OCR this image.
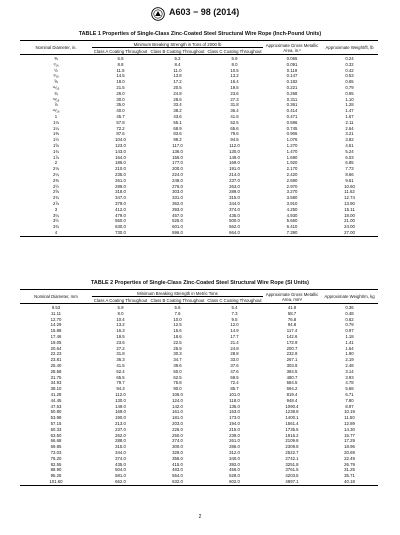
A603 − 98 (2014)
TABLE 1 Properties of Single-Class Zinc-Coated Steel Structural Wire Rope (Inch-Pound Units)
Nominal Diameter, in.	Minimum Breaking Strength in Tons of 2000 lb			Approximate Gross Metallic Area, in.²	Approximate Weight/ft, lb
	Class A Coating Throughout	Class B Coating Throughout	Class C Coating Throughout		
⅜	6.5	6.2	5.9	0.065	0.24
⁷⁄₁₆	8.8	8.4	8.0	0.091	0.32
½	11.5	11.0	10.5	0.119	0.42
⁹⁄₁₆	14.5	13.8	13.2	0.147	0.53
⅝	18.0	17.2	16.4	0.182	0.65
¹¹⁄₁₆	21.5	20.5	19.5	0.221	0.79
¾	26.0	24.8	23.6	0.268	0.95
¹³⁄₁₆	30.0	28.6	27.3	0.311	1.10
⅞	35.0	33.4	31.8	0.361	1.28
¹⁵⁄₁₆	40.0	38.2	36.4	0.414	1.47
1	45.7	43.6	41.5	0.471	1.67
1⅛	57.8	55.1	52.5	0.596	2.11
1¼	72.2	68.9	65.6	0.745	2.64
1⅜	87.6	83.6	79.6	0.906	3.21
1½	104.0	99.2	94.5	1.076	3.82
1⅝	123.0	117.0	112.0	1.270	4.51
1¾	143.0	136.0	130.0	1.470	5.24
1⅞	164.0	156.0	149.0	1.690	6.03
2	186.0	177.0	169.0	1.920	6.85
2⅛	210.0	200.0	191.0	2.170	7.73
2¼	235.0	224.0	214.0	2.420	8.66
2⅜	261.0	249.0	237.0	2.690	9.61
2½	289.0	276.0	263.0	2.970	10.60
2⅝	318.0	303.0	289.0	3.270	11.62
2¾	347.0	331.0	315.0	3.580	12.74
2⅞	379.0	362.0	344.0	3.910	13.90
3	412.0	393.0	374.0	4.250	15.11
3¼	479.0	457.0	435.0	4.930	18.00
3½	550.0	525.0	500.0	5.660	21.00
3¾	630.0	601.0	562.0	6.410	24.00
4	730.0	696.0	664.0	7.390	27.00
TABLE 2 Properties of Single-Class Zinc-Coated Steel Structural Wire Rope (SI Units)
Nominal Diameter, mm	Minimum Breaking Strength in Metric Tons			Approximate Gross Metallic Area, mm²	Approximate Weight/m, kg
	Class A Coating Throughout	Class B Coating Throughout	Class C Coating Throughout		
9.53	5.9	5.6	5.4	41.9	0.36
11.11	8.0	7.6	7.3	58.7	0.48
12.70	10.4	10.0	9.5	76.8	0.62
14.29	13.2	12.5	12.0	94.8	0.79
15.88	16.3	15.6	14.9	117.4	0.97
17.46	19.5	18.6	17.7	142.6	1.18
19.05	23.6	22.5	21.4	172.9	1.41
20.64	27.2	25.9	24.8	200.7	1.64
22.23	31.8	30.3	28.8	232.9	1.90
23.81	36.3	34.7	33.0	267.1	2.19
25.40	41.5	39.6	37.6	303.9	2.48
28.58	52.4	50.0	47.6	384.5	3.14
31.75	65.5	62.5	59.5	480.7	3.93
34.93	79.7	75.8	72.4	584.5	4.78
38.10	94.3	90.0	85.7	694.2	5.68
41.28	112.0	106.0	101.0	819.4	6.71
44.45	130.0	124.0	118.0	948.4	7.80
47.63	149.0	142.0	135.0	1090.4	8.97
50.80	169.0	161.0	153.0	1238.8	10.19
53.98	190.0	181.0	173.0	1400.1	11.50
57.15	213.0	203.0	194.0	1561.4	12.89
60.33	237.0	226.0	215.0	1735.5	14.30
63.50	262.0	250.0	239.0	1916.2	15.77
66.68	288.0	274.0	261.0	2109.8	17.29
69.85	315.0	300.0	286.0	2309.8	18.96
73.03	344.0	328.0	312.0	2522.7	20.69
76.20	374.0	356.0	340.0	2742.1	22.49
82.55	435.0	415.0	392.0	3251.8	26.79
88.90	504.0	483.0	456.0	3761.5	31.25
95.25	581.0	554.0	528.0	4203.5	35.71
101.60	662.0	632.0	602.0	4897.1	40.18
2
